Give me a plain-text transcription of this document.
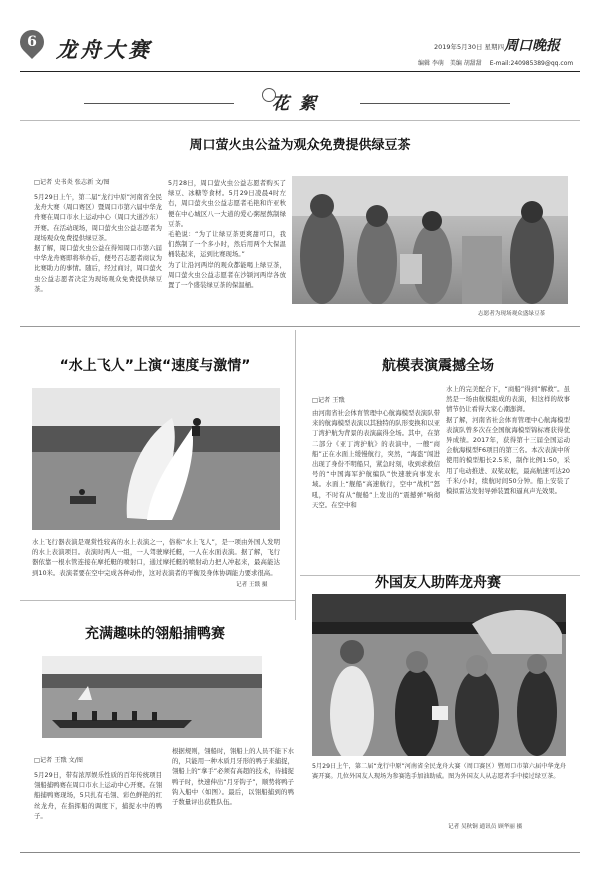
6 龙舟大赛	2019年5月30日 星期四 周口晚报
编辑 李萌 美编 胡甜甜 E-mail:240985389@qq.com
花絮
周口萤火虫公益为观众免费提供绿豆茶
□记者 史书炎 张志新 文/图
5月29日上午，第二届“龙行中原”河南省全民龙舟大赛（周口赛区）暨周口市第六届中华龙舟赛在周口市水上运动中心（周口大道沙东）开赛。在活动现场，周口萤火虫公益志愿者为现场观众免费提供绿豆茶。
据了解，周口萤火虫公益在得知周口市第六届中华龙舟赛即将举办后，便号召志愿者商议为比赛助力的事情。随后，经过商讨，周口萤火虫公益志愿者决定为现场观众免费提供绿豆茶。
5月28日，周口萤火虫公益志愿者购买了绿豆、冰糖等食材。5月29日凌晨4时左右，周口萤火虫公益志愿者毛艳和许亚秋便在中心城区八一大道的爱心粥屋熬制绿豆茶。
毛艳说：“为了让绿豆茶更爽甜可口，我们熬制了一个多小时，然后用两个大保温桶装起来，运到比赛现场。”
为了让沿河两岸的观众都能喝上绿豆茶，周口萤火虫公益志愿者在沙颍河两岸各放置了一个盛装绿豆茶的保温桶。
志愿者为现场观众盛绿豆茶
“水上飞人”上演“速度与激情”
水上飞行器表演是观赏性较高的水上表演之一，俗称“水上飞人”，是一项由外国人发明的水上表演项目。表演时两人一组，一人驾驶摩托艇，一人在水面表演。据了解，飞行器依靠一根水管连接在摩托艇的喷射口，通过摩托艇的喷射动力把人冲起来，最高能达到10米。表演者要在空中完成各种动作，这对表演者的平衡及身体协调能力要求很高。
记者 王戬 摄
航模表演震撼全场
□记者 王戬
由河南省社会体育管理中心航海模型表演队带来的航海模型表演以其独特的队形变换和以亚丁湾护航为背景的表演赢得全场。其中，在第二部分《亚丁湾护航》的表演中，一艘“商船”正在水面上缓慢航行，突然，“海盗”闯进出现了身份不明船只，紧急时刻，收到求救信号的“中国海军护航编队”快速驶向事发水域。水面上“舰船”高速航行，空中“战机”怒吼，不时有从“舰船”上发出的“震撼弹”响彻天空。在空中和
水上的完美配合下，“商船”得到“解救”。虽然是一场由航模组成的表演，但这样的故事情节仍让看得大家心潮澎湃。
据了解，河南省社会体育管理中心航海模型表演队曾多次在全国航海模型锦标赛获得优异成绩。2017年，获得第十三届全国运动会航海模型F6项目的第三名。本次表演中所使用的模型船长2.5米，制作比例1:50，采用了电动推进、双桨双舵，最高航速可达20千米/小时，续航时间50分钟。船上安装了模拟雷达发射导弹装置和逼真声光效果。
外国友人助阵龙舟赛
5月29日上午，第二届“龙行中原”河南省全民龙舟大赛（周口赛区）暨周口市第六届中华龙舟赛开赛。几位外国友人现场为参赛选手加油助威。图为外国友人从志愿者手中接过绿豆茶。
记者 吴秋铜 通讯员 顾华丽 摄
充满趣味的翎船捕鸭赛
□记者 王戬 文/图
5月29日，带有浓厚娱乐性质的百年传统项目翎船捕鸭赛在周口市水上运动中心开赛。在翎船捕鸭赛现场，5只扎有毛翎、彩色鲜艳的红丝龙舟，在指挥船的调度下，捕捉水中的鸭子。
根据规则，翎船时，翎船上的人员不能下水的，只能用一种木质月牙形的鸭子来捕捉，翎船上的“拿手”必须有高超的技术，待捕捉鸭子时，快速伸出“月牙钩子”，顺势将鸭子钩入船中（如图）。最后，以翎船捕到的鸭子数量评出获胜队伍。
